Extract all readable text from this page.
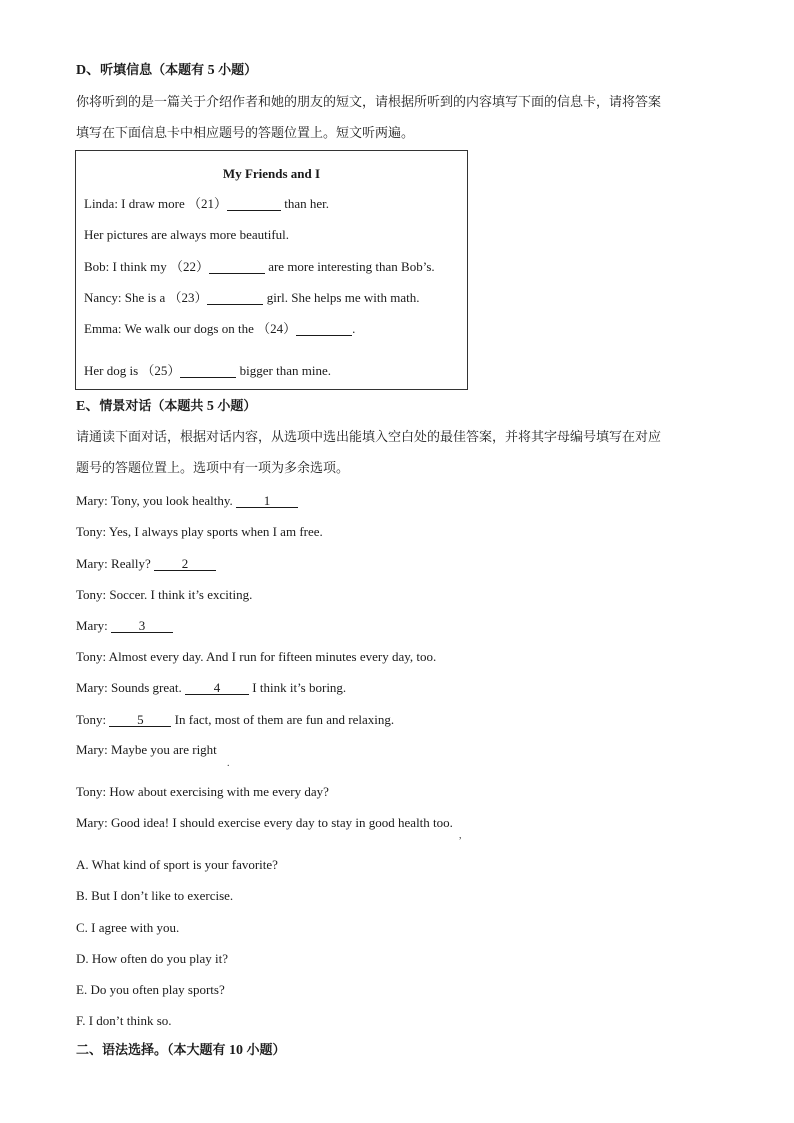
D、听填信息（本题有 5 小题）
你将听到的是一篇关于介绍作者和她的朋友的短文，请根据所听到的内容填写下面的信息卡，请将答案
填写在下面信息卡中相应题号的答题位置上。短文听两遍。
My Friends and I
Linda: I draw more （21）	than her.
Her pictures are always more beautiful.
Bob: I think my （22）	are more interesting than Bob’s.
Nancy: She is a （23）	girl. She helps me with math.
Emma: We walk our dogs on the （24）	.
Her dog is （25）	bigger than mine.
E、情景对话（本题共 5 小题）
请通读下面对话，根据对话内容，从选项中选出能填入空白处的最佳答案，并将其字母编号填写在对应
题号的答题位置上。选项中有一项为多余选项。
Mary: Tony, you look healthy. 1
Tony: Yes, I always play sports when I am free.
Mary: Really? 2
Tony: Soccer. I think it’s exciting.
Mary: 3
Tony: Almost every day. And I run for fifteen minutes every day, too.
Mary: Sounds great. 4 I think it’s boring.
Tony: 5 In fact, most of them are fun and relaxing.
Mary: Maybe you are right
.
Tony: How about exercising with me every day?
Mary: Good idea! I should exercise every day to stay in good health too.
,
A. What kind of sport is your favorite?
B. But I don’t like to exercise.
C. I agree with you.
D. How often do you play it?
E. Do you often play sports?
F. I don’t think so.
二、语法选择。（本大题有 10 小题）
